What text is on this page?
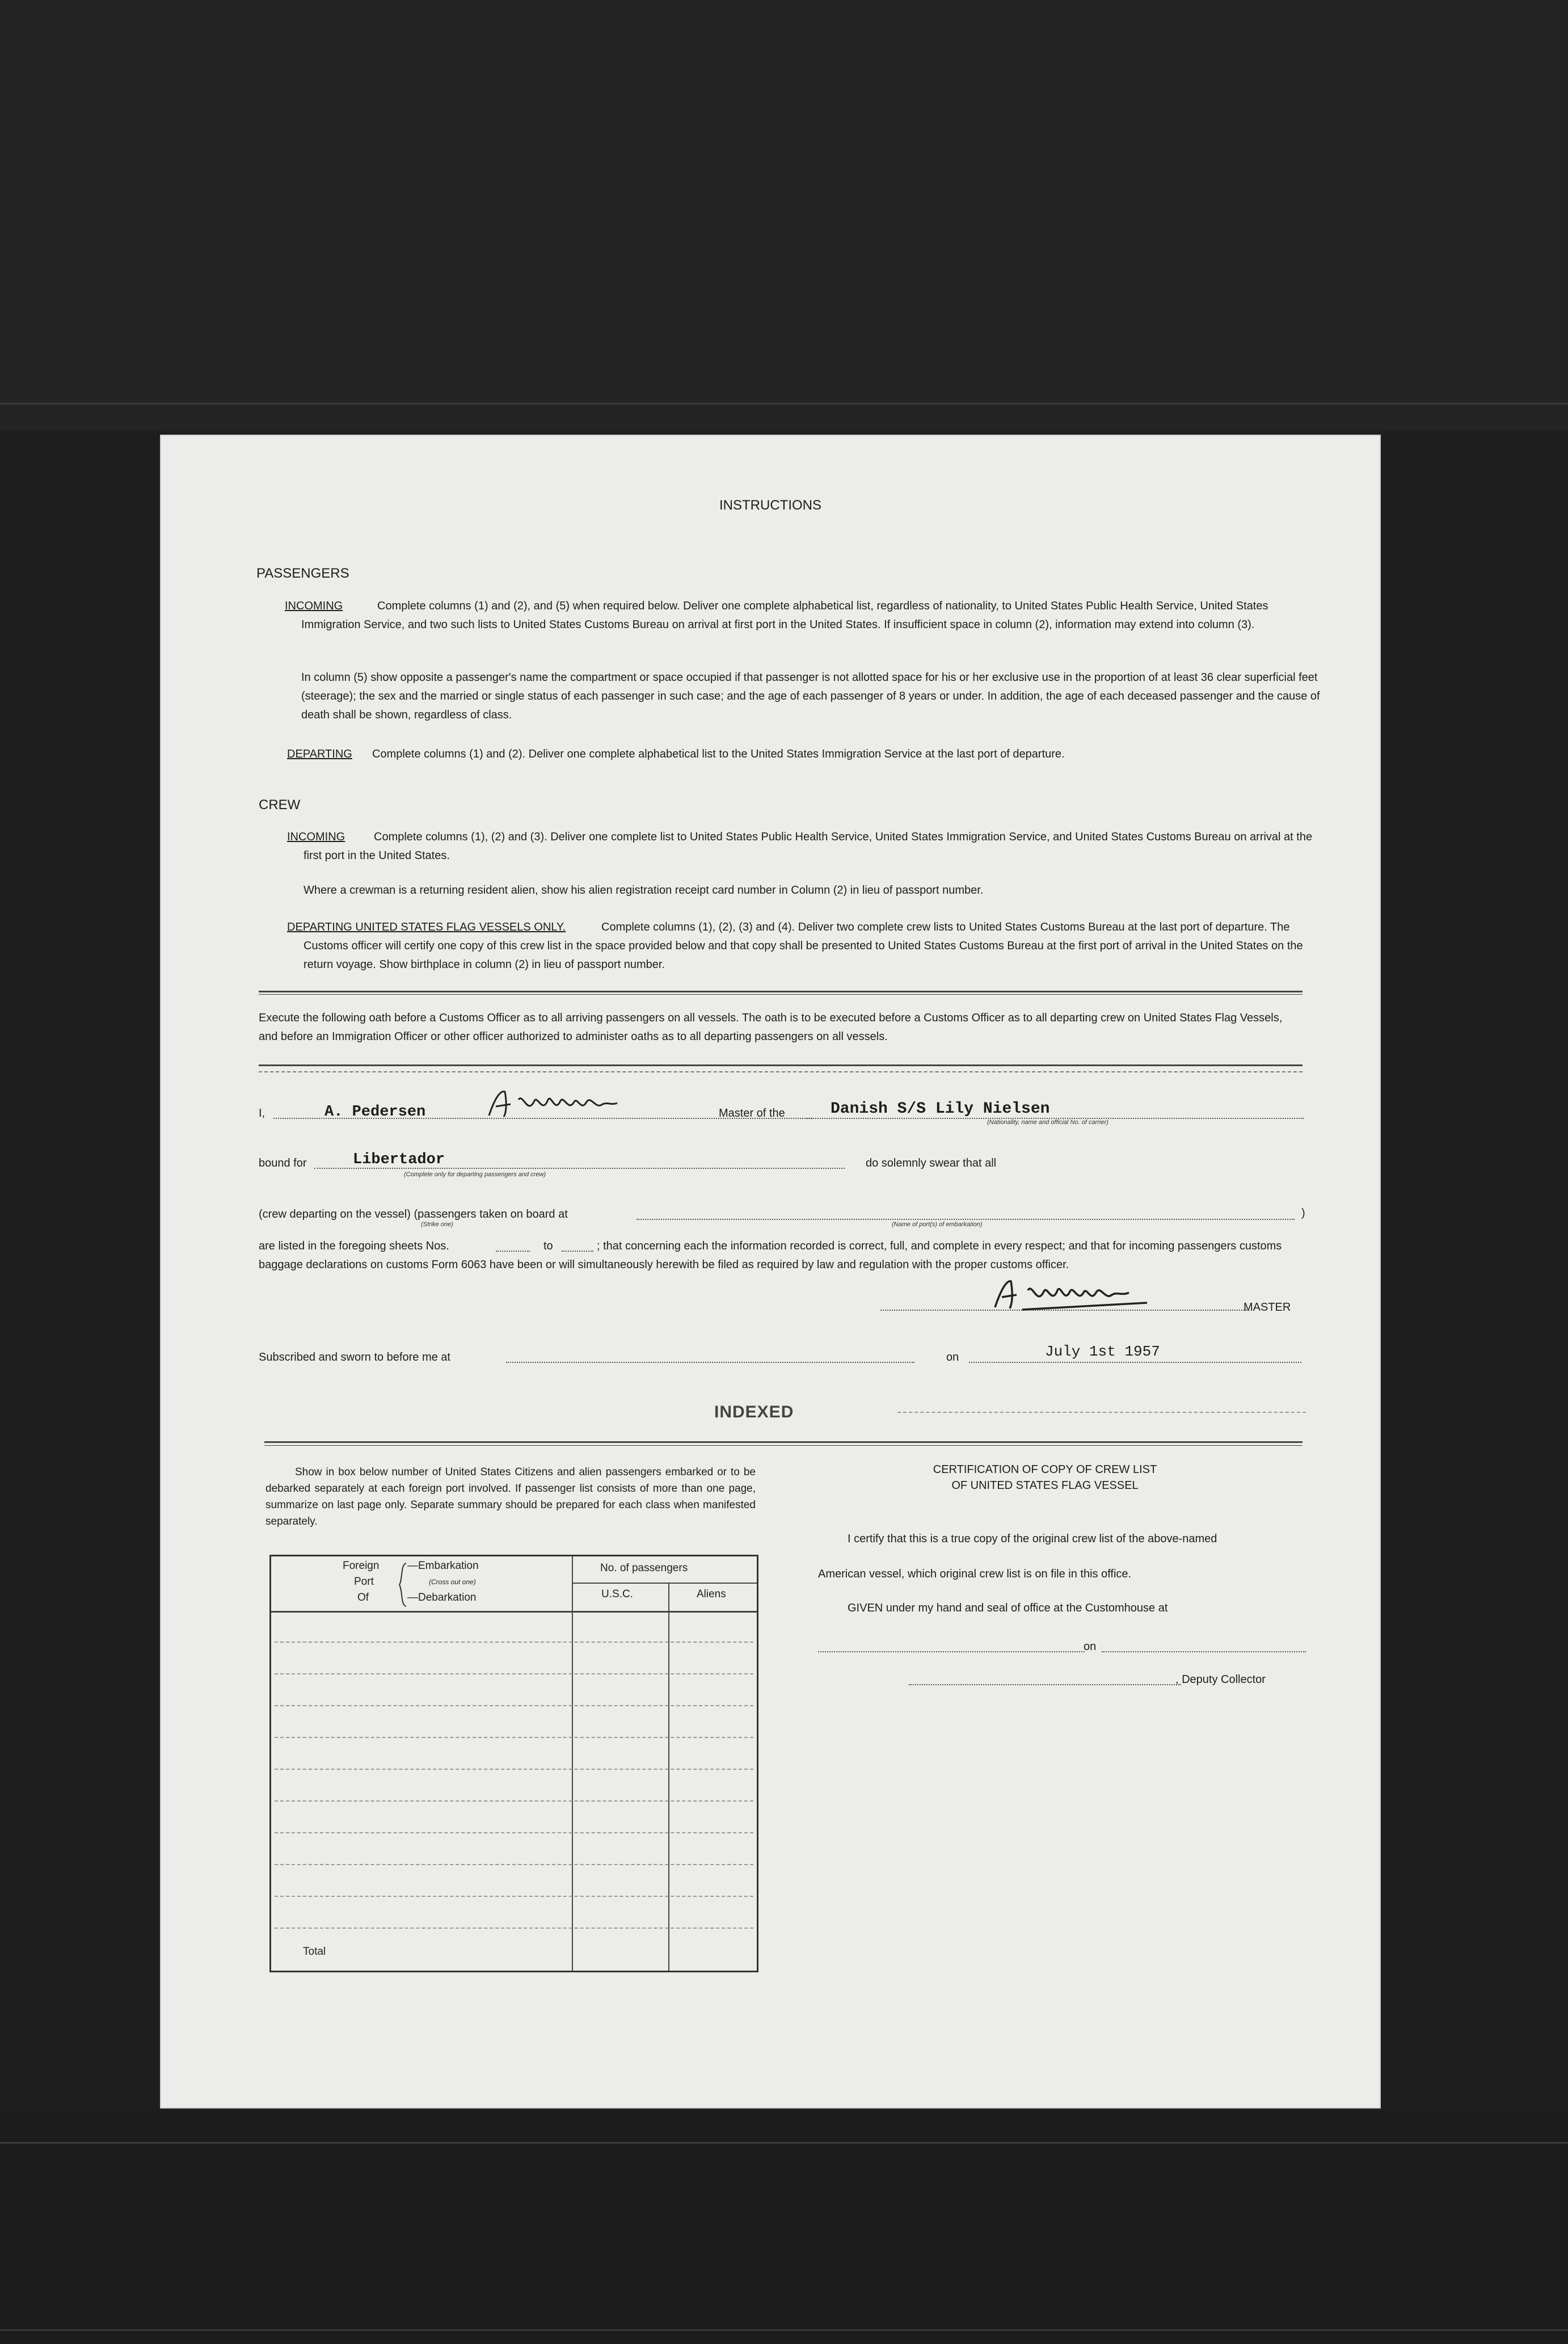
INSTRUCTIONS
PASSENGERS
INCOMING	Complete columns (1) and (2), and (5) when required below. Deliver one complete alphabetical list, regardless of nationality, to United States Public Health Service, United States Immigration Service, and two such lists to United States Customs Bureau on arrival at first port in the United States. If insufficient space in column (2), information may extend into column (3).
In column (5) show opposite a passenger's name the compartment or space occupied if that passenger is not allotted space for his or her exclusive use in the proportion of at least 36 clear superficial feet (steerage); the sex and the married or single status of each passenger in such case; and the age of each passenger of 8 years or under. In addition, the age of each deceased passenger and the cause of death shall be shown, regardless of class.
DEPARTING Complete columns (1) and (2). Deliver one complete alphabetical list to the United States Immigration Service at the last port of departure.
CREW
INCOMING	Complete columns (1), (2) and (3). Deliver one complete list to United States Public Health Service, United States Immigration Service, and United States Customs Bureau on arrival at the first port in the United States.
Where a crewman is a returning resident alien, show his alien registration receipt card number in Column (2) in lieu of passport number.
DEPARTING UNITED STATES FLAG VESSELS ONLY.	Complete columns (1), (2), (3) and (4). Deliver two complete crew lists to United States Customs Bureau at the last port of departure. The Customs officer will certify one copy of this crew list in the space provided below and that copy shall be presented to United States Customs Bureau at the first port of arrival in the United States on the return voyage. Show birthplace in column (2) in lieu of passport number.
Execute the following oath before a Customs Officer as to all arriving passengers on all vessels. The oath is to be executed before a Customs Officer as to all departing crew on United States Flag Vessels, and before an Immigration Officer or other officer authorized to administer oaths as to all departing passengers on all vessels.
I,	A. Pedersen	Master of the	Danish S/S Lily Nielsen
(Nationality, name and official No. of carrier)
bound for	Libertador
(Complete only for departing passengers and crew)
do solemnly swear that all
(crew departing on the vessel) (passengers taken on board at	)
(Strike one)	(Name of port(s) of embarkation)
are listed in the foregoing sheets Nos.	to	; that concerning each the information recorded is correct, full, and complete in every respect; and that for incoming passengers customs baggage declarations on customs Form 6063 have been or will simultaneously herewith be filed as required by law and regulation with the proper customs officer.
MASTER
Subscribed and sworn to before me at	on	July 1st 1957
INDEXED
Show in box below number of United States Citizens and alien passengers embarked or to be debarked separately at each foreign port involved. If passenger list consists of more than one page, summarize on last page only. Separate summary should be prepared for each class when manifested separately.
Foreign
Port
Of
—Embarkation
(Cross out one)
—Debarkation
No. of passengers
U.S.C.	Aliens
Total
CERTIFICATION OF COPY OF CREW LIST
OF UNITED STATES FLAG VESSEL
I certify that this is a true copy of the original crew list of the above-named
American vessel, which original crew list is on file in this office.
GIVEN under my hand and seal of office at the Customhouse at
on
, Deputy Collector
